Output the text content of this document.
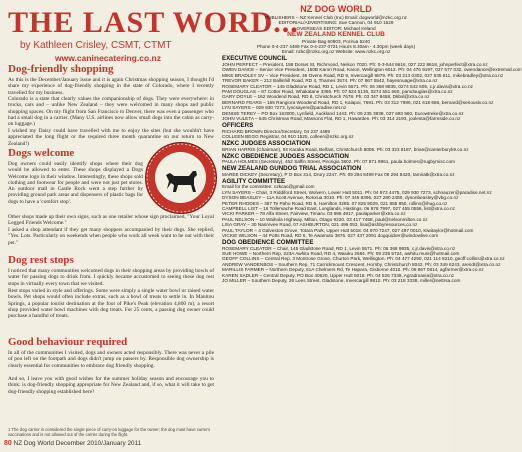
THE LAST WORD...
by Kathleen Crisley, CSMT, CTMT
www.caninecatering.co.nz
Dog-friendly shopping
As this is the December/January issue and it is again Christmas shopping season, I thought I'd share my experience of dog-friendly shopping in the state of Colorado, where I recently travelled for my business.
Colorado is a state that clearly values the companionship of dogs. They were everywhere: in trucks, cars and – unlike New Zealand – they were welcomed in many shops and public shopping spaces. On my flight from San Francisco to Denver, there was even a passenger who had a small dog in a carrier. (Many U.S. airlines now allow small dogs into the cabin as carry-on luggage.)
I wished my Daisy could have travelled with me to enjoy the sites (but she wouldn't have appreciated the long flight or the required three month quarantine on our return to New Zealand!)
Dogs welcome
Dog owners could easily identify shops where their dog would be allowed to enter. These shops displayed a Dogs Welcome logo in their window. Interestingly, these shops sold clothing and footwear for people and were not just pet stores. An outdoor mall in Castle Rock went a step further by providing ground park areas and dispensers of plastic bags for dogs to have a 'comfort stop'.
Other shops made up their own signs, such as one retailer whose sign proclaimed, "Your Loyal Legged Friends Welcome."
I asked a shop attendant if they get many shoppers accompanied by their dogs. She replied, "Yes. Lots. Particularly on weekends when people who work all week want to be out with their pet."
Dog rest stops
I noticed that many communities welcomed dogs in their shopping areas by providing bowls of water for passing dogs to drink from. I quickly became accustomed to seeing these dog rest stops in virtually every town that we visited.
Rest stops varied in style and offerings. Some were simply a single water bowl or raised water bowls. Pet shops would often include extras, such as a bowl of treats to settle in. In Manitou Springs, a popular tourist destination at the foot of Pike's Peak (elevation 4,800 m), a resort shop provided water bowl machines with dog treats. For 25 cents, a passing dog owner could purchase a handful of treats.
Good behaviour required
In all of the communities I visited, dogs and owners acted responsibly. There was never a pile of poo left on the footpath and dogs didn't jump on passers by. Responsible dog ownership is clearly essential for communities to embrace dog friendly shopping.
And so, I leave you with good wishes for the summer holiday season and encourage you to think: is dog-friendly shopping appropriate for New Zealand and, if so, what it will take to get dog-friendly shopping established here?
1 The dog carrier is considered the single piece of carry-on luggage for the owner; the dog must have current vaccinations and is not allowed out of the carrier during the flight.
80 NZ Dog World December 2010/January 2011
NZ DOG WORLD
PUBLISHERS – NZ Kennel Club (Inc) Email: dogworld@nzkc.org.nz
EDITORIAL/ADVERTISING: Sue Cannon, 04 910 1529
OVERSEAS EDITOR: Michael Ireland
NEW ZEALAND KENNEL CLUB
Private Bag 50903, Porirua 5240
Phone 0-4-237 4489 Fax 0-4-237 0721 Hours 8.30am - 4.30pm (week days)
Email: nzkc@nzkc.org.nz Website: www.nzkc.org.nz
EXECUTIVE COUNCIL
JOHN PERFECT – President, 158 Dorset St, Richmond, Nelson 7020. Ph: 0-3-544 8616, 027 222 8618, johnperfect@xtra.co.nz
OWEN DANCE – Senior Vice President, 150B Karori Road, Karori, Wellington 6012. Ph: 04 476 9197, 027 577 032, owendance@extremail.com
MIKE BRADLEY SV – Vice President, 46 Ovens Road, RD 9, Invercargill 9879. Ph: 03 213 0302, 027 535 811, mikebradley@xtra.co.nz
TREVOR BAKER – 212 Ballinhill Road, RD 4, Thames 3574. Ph: 07 867 5542, hayesnuage@xtra.co.nz
ROSEMARY CLEATOR – 145 Gladstone Road, RD 1, Levin 5571. Ph: 06 368 9835, 0274 542 605, c.jr.davis@xtra.co.nz
PAM DOUGLAS – 87 Cotter Road, Whakatane 3386. Ph: 07 824 5136, 0274 551 660, pamdouglas@xtra.co.nz
GARY DOYLE – 162 Woodend Road, RD 8, Christchurch 7678. Ph: 03 347 8458, Dkbsl@xtra.co.nz
BERNARD FEARS – 165 Rangiora Woodend Road, RD 1, Kaiapoi, 7691. Ph: 03 312 7986, 021 618 686, bernard@seriouslv.co.nz
LYN SAYERS – 029 930 7273, lyncsayers@paradise.net.nz
DENISE TEREY – PO Box 163000, Lynfield, Auckland 1443. Ph: 09 235 3838, 027 683 560, Eurowtreke@xtra.co.nz
JOHN VULETA – 545 Christmas Road, Massons Flat, RD 1, Hawarden. Ph: 03 314 2193, joolesta@farmside.co.nz
OFFICERS
RICHARD BROWN Director/Secretary, 04 237 4489
COLLEEN BEGG Registrar, 04 910 1525, colleen@nzkc.org.nz
NZKC JUDGES ASSOCIATION
BRIAN HARRIS (Chairman), 94 Karaka Road, Belfast, Christchurch 8005. Ph: 03 323 8187, brian@canterburyk9.co.nz
NZKC OBEDIENCE JUDGES ASSOCIATION
PAULA HOLMES (Secretary), 462 Saffin Street, Pirongia 3802. Ph: 07 871 9961, paula.holmes@rugbymisc.com
NEW ZEALAND GUNDOG TRIAL ASSOCIATION
MAREE DICKEY (Secretary), P O Box 314, Drury 2247. Ph: 09 294 8499 Fax 09 294 8420, tamiratk@xtra.co.nz
AGILITY COMMITTEE
Email for the committee: nzkcac@gmail.com
LYN SAYERS – Chair, 3 Riddiford Street, Wolvern, Lower Hutt 5011. Ph: 04 973 4475, 029 930 7273, schnauzer@paradise.net.nz
DYSON BEASLEY – 11A Scott Avenue, Rotorua 3010. Ph: 07 345 8396, 027 280 2450, dysonbeasley@vbg.co.nz
PETER RHODES – 367 Te Pahu Road, RD 5, Hamilton 3285. 07 825 9029, 021 855 850, rollins@ihug.co.nz
CAMPBELL LIST – 16 Tollemache Road East, Longlands, Hastings. 06 878 7997, 027 455 0556, list@xtra.co.nz
VICKI PARKER – 78 Alfa Street, Fairview, Timaru. 03 686 4917, paulaparker@xtra.co.nz
PAUL NELSON – 10 Waihola Highway, Milton, Otago 9220. 03 417 7458, paul@nelsonmilton.co.nz
LISA GRAY – 30 Nanrevee Road, 07 ASHBURTON, 021 499 053, lisa@ashbyresources.co.nz
PAUL TAYLOR – 4 Galveston Grove, Totara Park, Upper Hutt 5018. 04 970 7247, 027 497 0010, Kiwitaylor@hotmail.com
VICKIE WILSON – 44 Potts Road, RD 6, Te Awamutu 3876. 027 437 2091 dogquicker@windowlive.com
DOG OBEDIENCE COMMITTEE
ROSEMARY CLEATOR – Chair, 145 Gladstone Road, RD 1, Levin 5571. Ph: 06 368 9835, c.jr.davis@xtra.co.nz
SUE HOWE – Northern Rep, 223A Awhitu Road, RD 4, Waiuku 2684. Ph: 09 235 5724, awhitu.muni@hotmail.com
GEOFF COLLINS – Central Rep, 3 Montrose Grove, Churton Park, Wellington. Ph: 04 477 4290, 021 114 8210, geoff.collins@xtra.co.nz
ANDREW VANDENBOS – Southern Rep, 71 Carrickmount Crescent, Hornby, Christchurch 8042. Ph: 03 349 6243, arendt@xtra.co.nz
MARILLIS FARMER – Northern Deputy, 61A Chelmers Rd, Te Hapara, Gisborne 4010. Ph: 06 867 0814, agfarmer@xtra.co.nz
KAREN SADLER – Central Deputy, PO Box 40620, Upper Hutt 5018. Ph: 04 526 7338, Agradmania@xtra.co.nz
JO MILLER – Southern Deputy, 26 Lees Street, Gladstone, Invercargill 9810. Ph: 03 218 3338, miller@nettrsa.com
